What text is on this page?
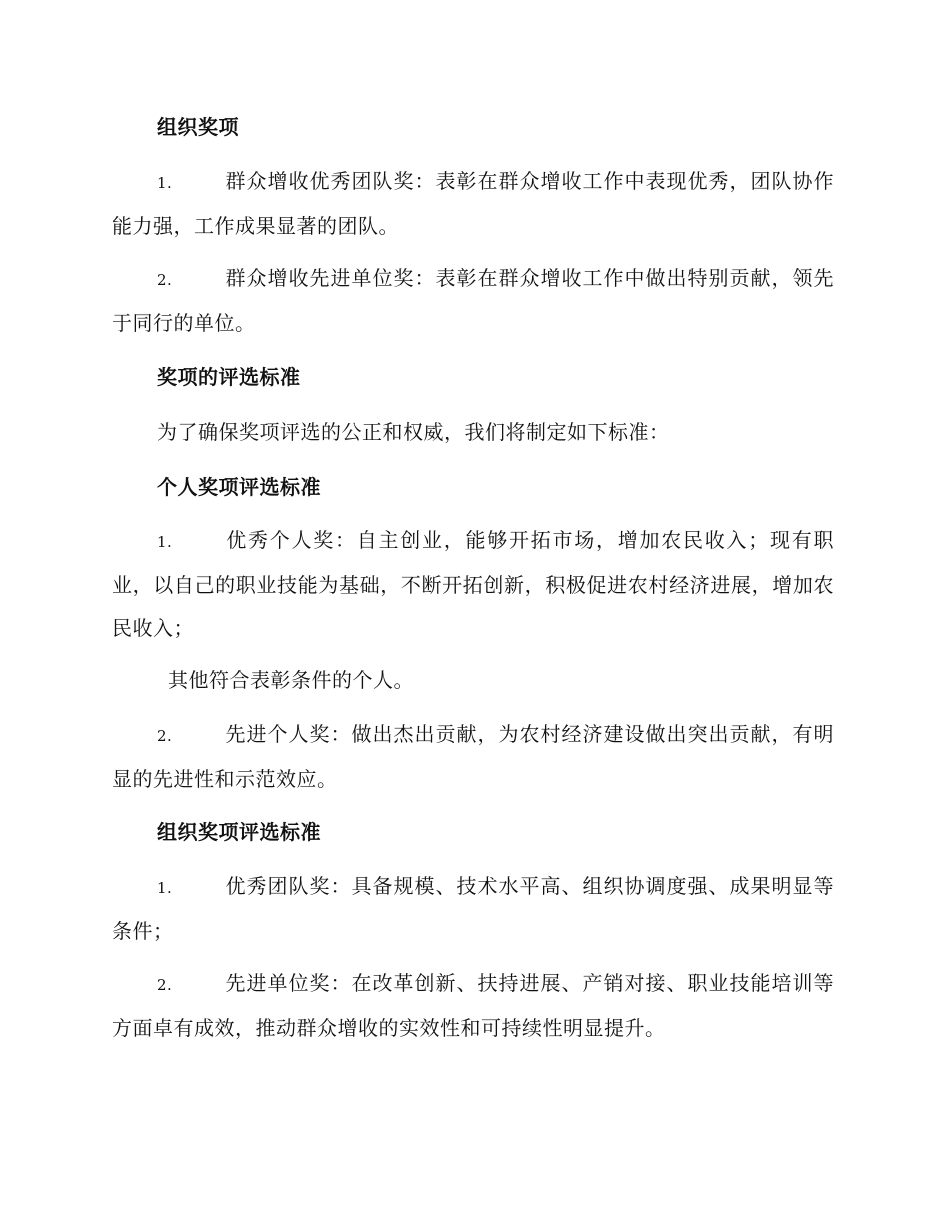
组织奖项
1.	群众增收优秀团队奖：表彰在群众增收工作中表现优秀，团队协作能力强，工作成果显著的团队。
2.	群众增收先进单位奖：表彰在群众增收工作中做出特别贡献，领先于同行的单位。
奖项的评选标准
为了确保奖项评选的公正和权威，我们将制定如下标准：
个人奖项评选标准
1.	优秀个人奖：自主创业，能够开拓市场，增加农民收入；现有职业，以自己的职业技能为基础，不断开拓创新，积极促进农村经济进展，增加农民收入；
其他符合表彰条件的个人。
2.	先进个人奖：做出杰出贡献，为农村经济建设做出突出贡献，有明显的先进性和示范效应。
组织奖项评选标准
1.	优秀团队奖：具备规模、技术水平高、组织协调度强、成果明显等条件；
2.	先进单位奖：在改革创新、扶持进展、产销对接、职业技能培训等方面卓有成效，推动群众增收的实效性和可持续性明显提升。
